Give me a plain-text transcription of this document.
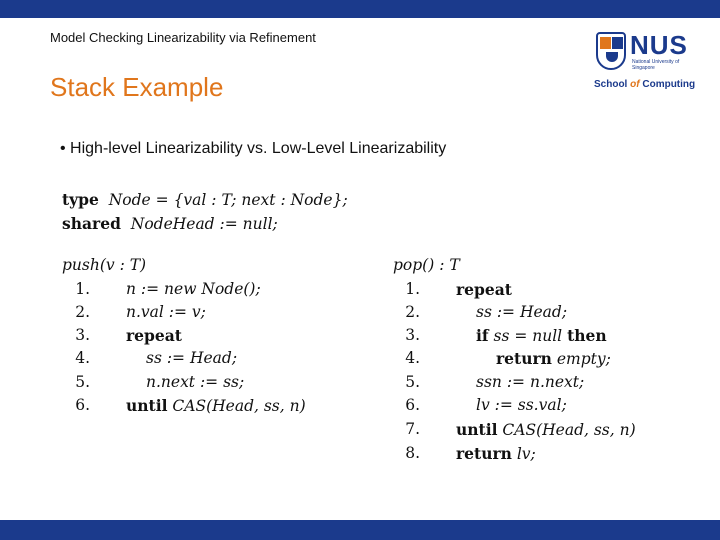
Model Checking Linearizability via Refinement
Stack Example
• High-level Linearizability vs. Low-Level Linearizability
NUS
National University of Singapore
School of Computing
type Node = {val : T; next : Node};
shared NodeHead := null;
push(v : T)
1. n := new Node();
2. n.val := v;
3. repeat
4.	ss := Head;
5.	n.next := ss;
6. until CAS(Head, ss, n)
pop() : T
1. repeat
2.	ss := Head;
3.	if ss = null then
4.	return empty;
5.	ssn := n.next;
6.	lv := ss.val;
7. until CAS(Head, ss, n)
8. return lv;
